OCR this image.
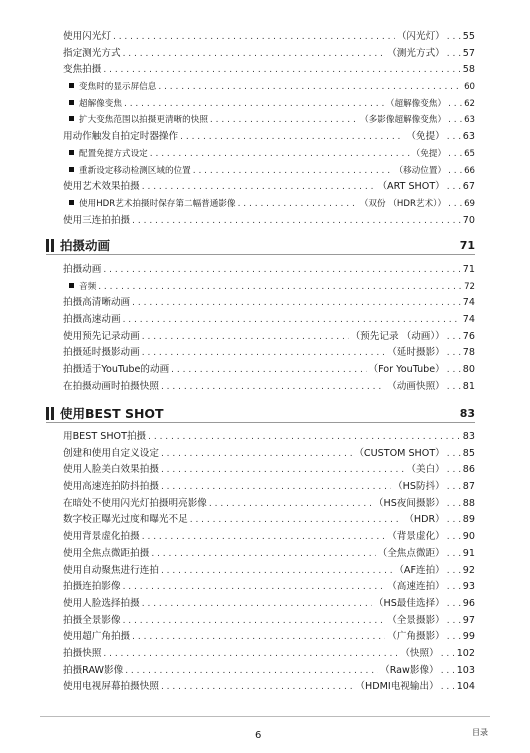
使用闪光灯 . . .	（闪光灯） . . . 55
指定测光方式 . . .	（测光方式） . . . 57
变焦拍摄 . . .	58
变焦时的显示屏信息 . . .	60
超解像变焦 . . .	（超解像变焦） . . . 62
扩大变焦范围以拍摄更清晰的快照 . . .	（多影像超解像变焦） . . . 63
用动作触发自拍定时器操作 . . .	（免提） . . . 63
配置免提方式设定 . . .	（免提） . . . 65
重新设定移动检测区域的位置 . . .	（移动位置） . . . 66
使用艺术效果拍摄 . . .	（ART SHOT） . . . 67
使用HDR艺术拍摄时保存第二幅普通影像 . . .	（双份 （HDR艺术）） . . . 69
使用三连拍拍摄 . . .	70
拍摄动画	71
拍摄动画 . . .	71
音频 . . .	72
拍摄高清晰动画 . . .	74
拍摄高速动画 . . .	74
使用预先记录动画 . . .	（预先记录 （动画）） . . . 76
拍摄延时摄影动画 . . .	（延时摄影） . . . 78
拍摄适于YouTube的动画 . . .	（For YouTube） . . . 80
在拍摄动画时拍摄快照 . . .	（动画快照） . . . 81
使用BEST SHOT	83
用BEST SHOT拍摄 . . .	83
创建和使用自定义设定 . . .	（CUSTOM SHOT） . . . 85
使用人脸美白效果拍摄 . . .	（美白） . . . 86
使用高速连拍防抖拍摄 . . .	（HS防抖） . . . 87
在暗处不使用闪光灯拍摄明亮影像 . . .	（HS夜间摄影） . . . 88
数字校正曝光过度和曝光不足 . . .	（HDR） . . . 89
使用背景虚化拍摄 . . .	（背景虚化） . . . 90
使用全焦点微距拍摄 . . .	（全焦点微距） . . . 91
使用自动聚焦进行连拍 . . .	（AF连拍） . . . 92
拍摄连拍影像 . . .	（高速连拍） . . . 93
使用人脸选择拍摄 . . .	（HS最佳选择） . . . 96
拍摄全景影像 . . .	（全景摄影） . . . 97
使用超广角拍摄 . . .	（广角摄影） . . . 99
拍摄快照 . . .	（快照） . . . 102
拍摄RAW影像 . . .	（Raw影像） . . . 103
使用电视屏幕拍摄快照 . . .	（HDMI电视输出） . . . 104
6	目录
